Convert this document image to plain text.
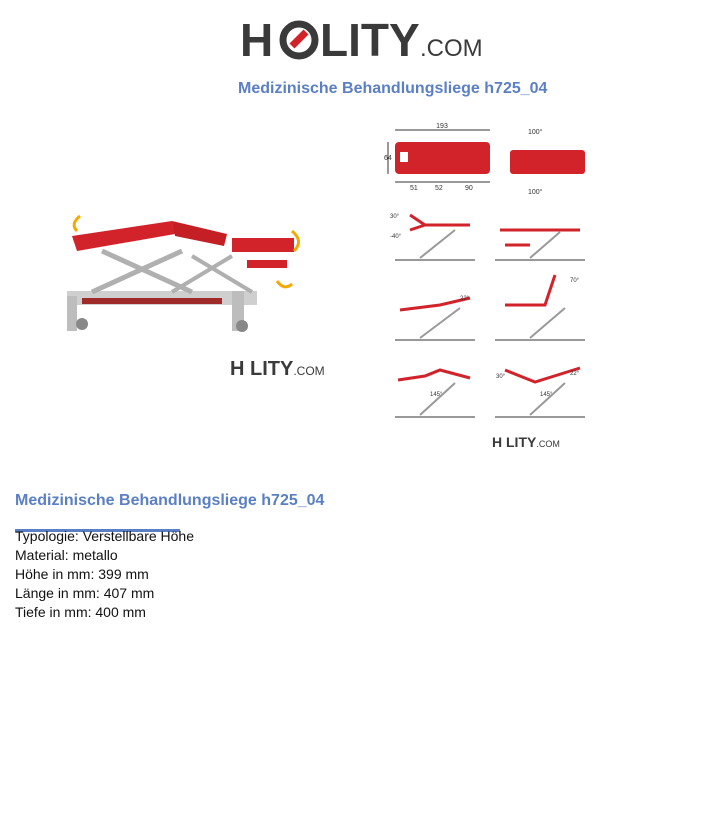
H LITY .COM
Medizinische Behandlungsliege h725_04
H LITY.COM
193
64
51 52	90
100°
100°
30°
-40°
22°
70°
145°
30°	22°
145°
H LITY.COM
Medizinische Behandlungsliege h725_04
Typologie: Verstellbare Höhe
Material: metallo
Höhe in mm: 399 mm
Länge in mm: 407 mm
Tiefe in mm: 400 mm
